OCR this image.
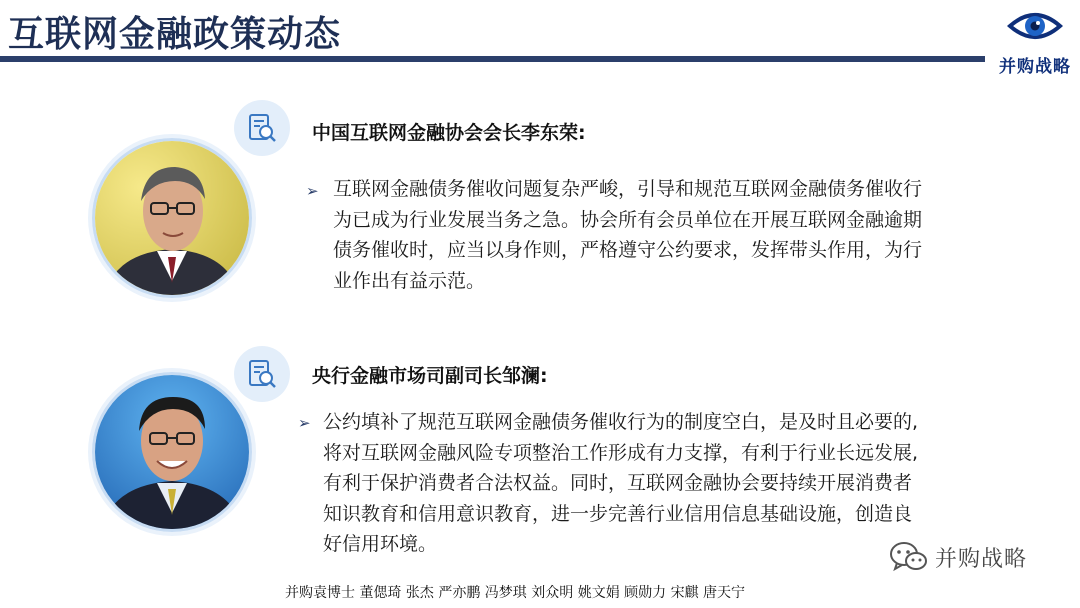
互联网金融政策动态
并购战略
中国互联网金融协会会长李东荣:
➢ 互联网金融债务催收问题复杂严峻，引导和规范互联网金融债务催收行
为已成为行业发展当务之急。协会所有会员单位在开展互联网金融逾期
债务催收时，应当以身作则，严格遵守公约要求，发挥带头作用，为行
业作出有益示范。
央行金融市场司副司长邹澜:
➢ 公约填补了规范互联网金融债务催收行为的制度空白，是及时且必要的,
将对互联网金融风险专项整治工作形成有力支撑，有利于行业长远发展,
有利于保护消费者合法权益。同时，互联网金融协会要持续开展消费者
知识教育和信用意识教育，进一步完善行业信用信息基础设施，创造良
好信用环境。
并购战略
并购袁博士 董偲琦 张杰 严亦鹏 冯梦琪 刘众明 姚文娟 顾勋力 宋麒 唐天宁
